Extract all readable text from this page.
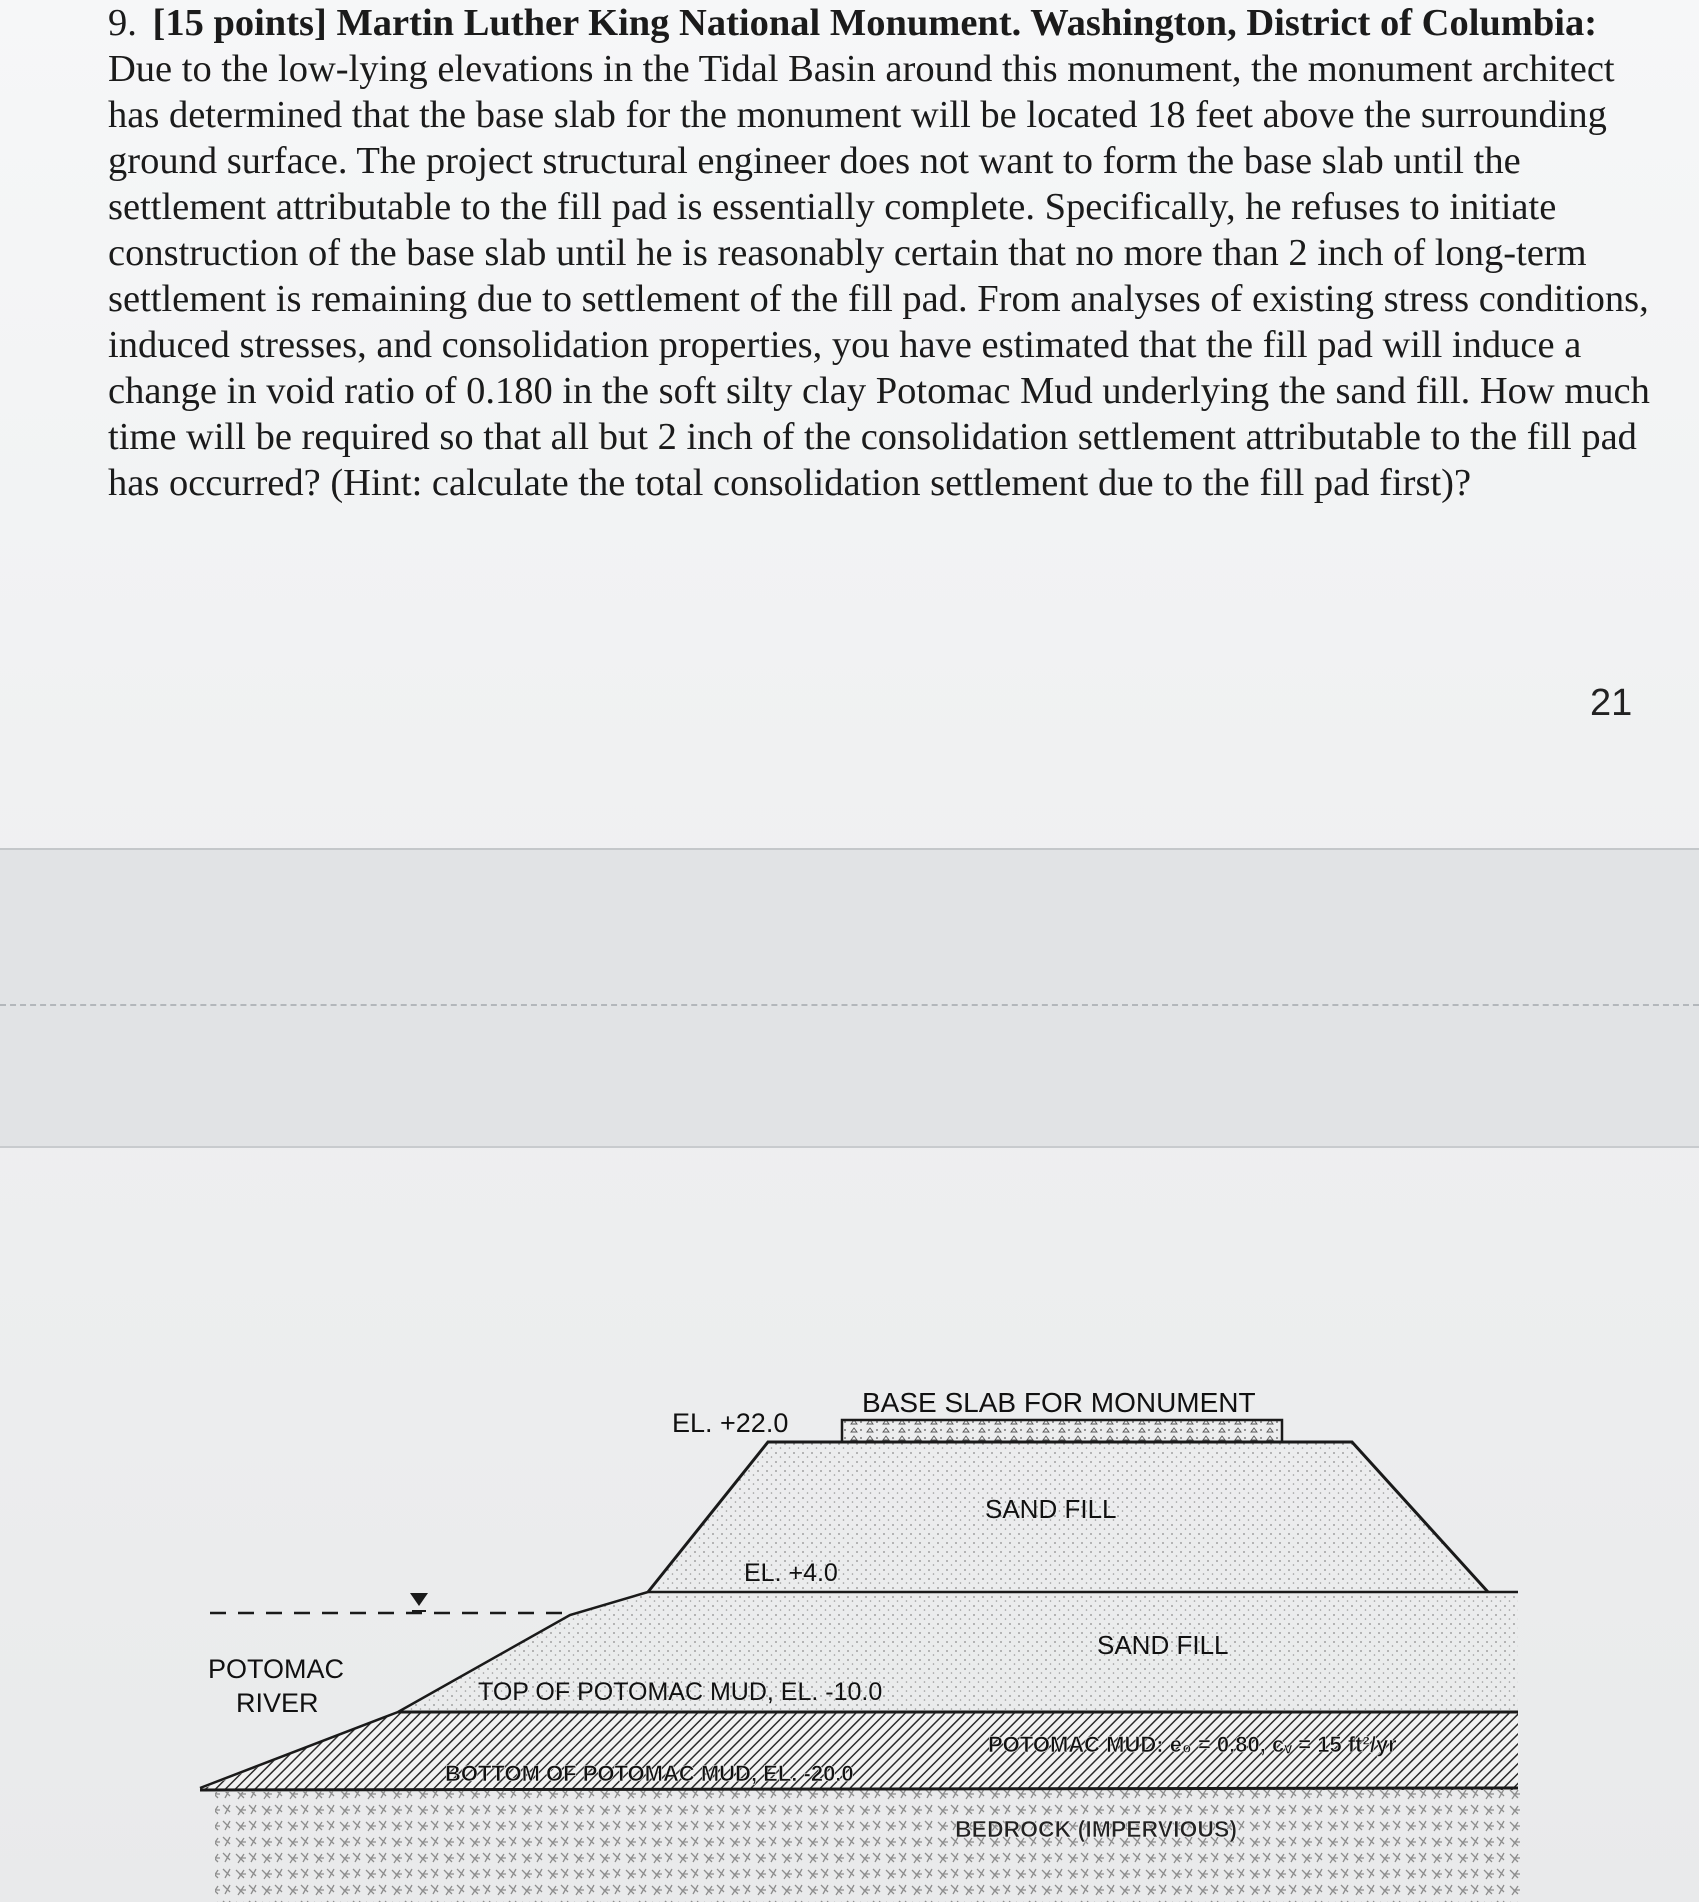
9. [15 points] Martin Luther King National Monument. Washington, District of Columbia: Due to the low-lying elevations in the Tidal Basin around this monument, the monument architect has determined that the base slab for the monument will be located 18 feet above the surrounding ground surface. The project structural engineer does not want to form the base slab until the settlement attributable to the fill pad is essentially complete. Specifically, he refuses to initiate construction of the base slab until he is reasonably certain that no more than 2 inch of long-term settlement is remaining due to settlement of the fill pad. From analyses of existing stress conditions, induced stresses, and consolidation properties, you have estimated that the fill pad will induce a change in void ratio of 0.180 in the soft silty clay Potomac Mud underlying the sand fill. How much time will be required so that all but 2 inch of the consolidation settlement attributable to the fill pad has occurred? (Hint: calculate the total consolidation settlement due to the fill pad first)?

21
BASE SLAB FOR MONUMENT
EL. +22.0
SAND FILL
EL. +4.0
SAND FILL
POTOMAC
RIVER	TOP OF POTOMAC MUD, EL. -10.0
POTOMAC MUD: e₀ = 0.80, cᵥ = 15 ft²/yr
BOTTOM OF POTOMAC MUD, EL. -20.0
BEDROCK (IMPERVIOUS)
